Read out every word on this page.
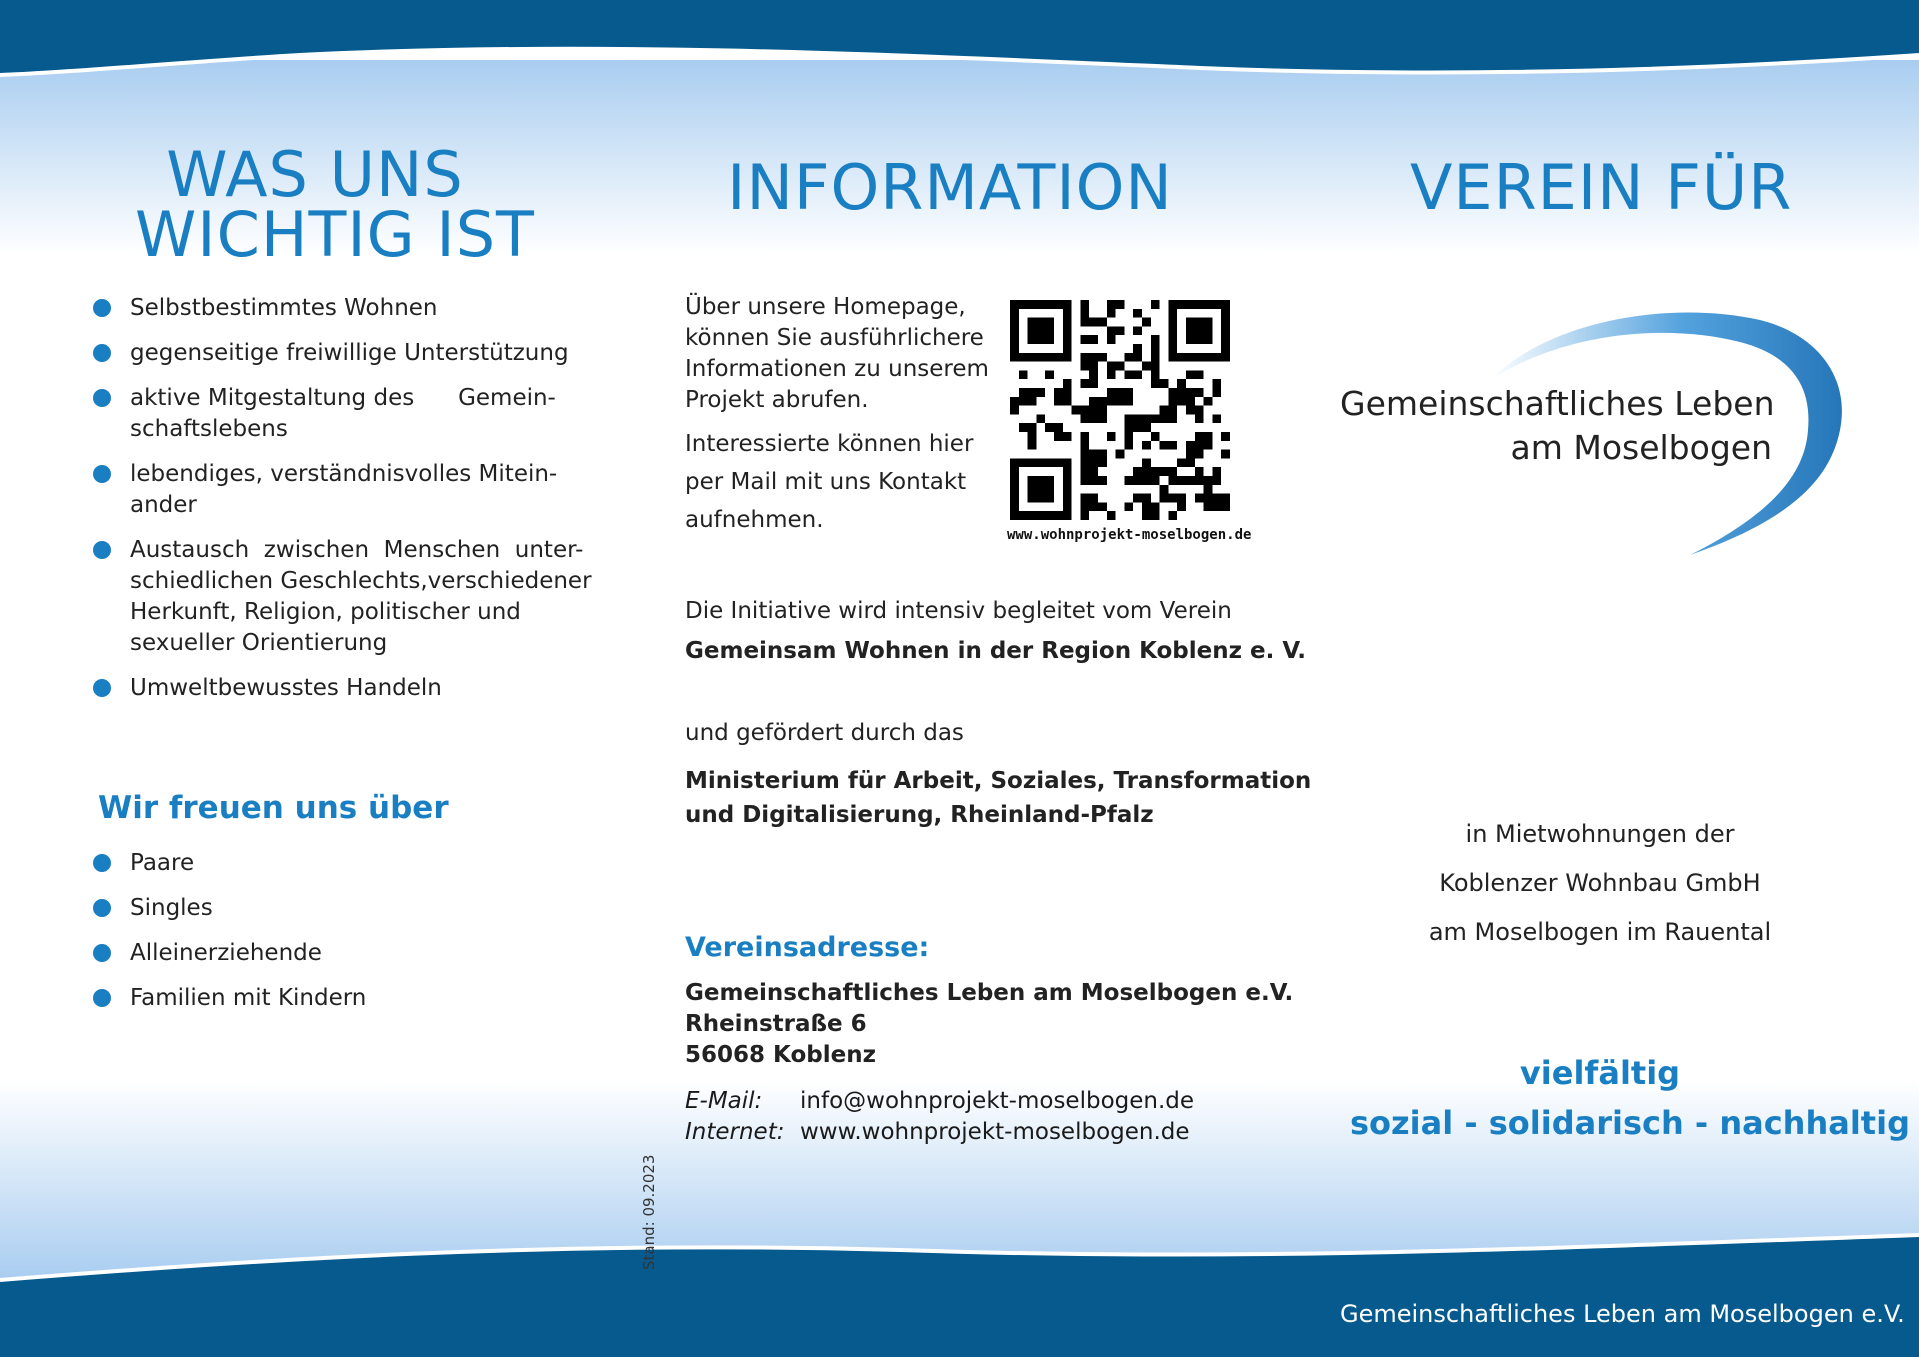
WAS UNS
WICHTIG IST
Selbstbestimmtes Wohnen
gegenseitige freiwillige Unterstützung
aktive Mitgestaltung des      Gemein-
schaftslebens
lebendiges, verständnisvolles Mitein-
ander
Austausch  zwischen  Menschen  unter-
schiedlichen Geschlechts,verschiedener
Herkunft, Religion, politischer und
sexueller Orientierung
Umweltbewusstes Handeln
Wir freuen uns über
Paare
Singles
Alleinerziehende
Familien mit Kindern
INFORMATION
Über unsere Homepage,
können Sie ausführlichere
Informationen zu unserem
Projekt abrufen.
Interessierte können hier
per Mail mit uns Kontakt
aufnehmen.
www.wohnprojekt-moselbogen.de
Die Initiative wird intensiv begleitet vom Verein
Gemeinsam Wohnen in der Region Koblenz e. V.
und gefördert durch das
Ministerium für Arbeit, Soziales, Transformation
und Digitalisierung, Rheinland-Pfalz
Vereinsadresse:
Gemeinschaftliches Leben am Moselbogen e.V.
Rheinstraße 6
56068 Koblenz
E-Mail: info@wohnprojekt-moselbogen.de
Internet: www.wohnprojekt-moselbogen.de
Stand: 09.2023
VEREIN FÜR
Gemeinschaftliches Leben
am Moselbogen
in Mietwohnungen der
Koblenzer Wohnbau GmbH
am Moselbogen im Rauental
vielfältig
sozial - solidarisch - nachhaltig
Gemeinschaftliches Leben am Moselbogen e.V.
